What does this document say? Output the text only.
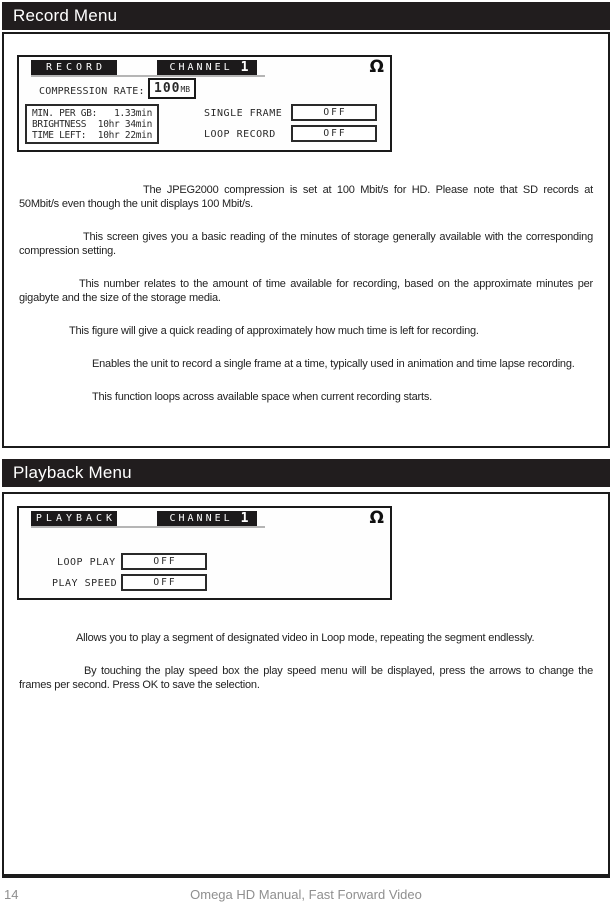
Record Menu
RECORD	CHANNEL 1	Ω
COMPRESSION RATE: 100 MB
MIN. PER GB: 1.33min
BRIGHTNESS 10hr 34min
TIME LEFT: 10hr 22min
SINGLE FRAME	OFF
LOOP RECORD	OFF

The JPEG2000 compression is set at 100 Mbit/s for HD. Please note that SD records at 50Mbit/s even though the unit displays 100 Mbit/s.

This screen gives you a basic reading of the minutes of storage generally available with the corresponding compression setting.

This number relates to the amount of time available for recording, based on the approximate minutes per gigabyte and the size of the storage media.

This figure will give a quick reading of approximately how much time is left for recording.

Enables the unit to record a single frame at a time, typically used in animation and time lapse recording.

This function loops across available space when current recording starts.

Playback Menu
PLAYBACK	CHANNEL 1	Ω
LOOP PLAY	OFF
PLAY SPEED	OFF

Allows you to play a segment of designated video in Loop mode, repeating the segment endlessly.

By touching the play speed box the play speed menu will be displayed, press the arrows to change the frames per second. Press OK to save the selection.

14	Omega HD Manual, Fast Forward Video
